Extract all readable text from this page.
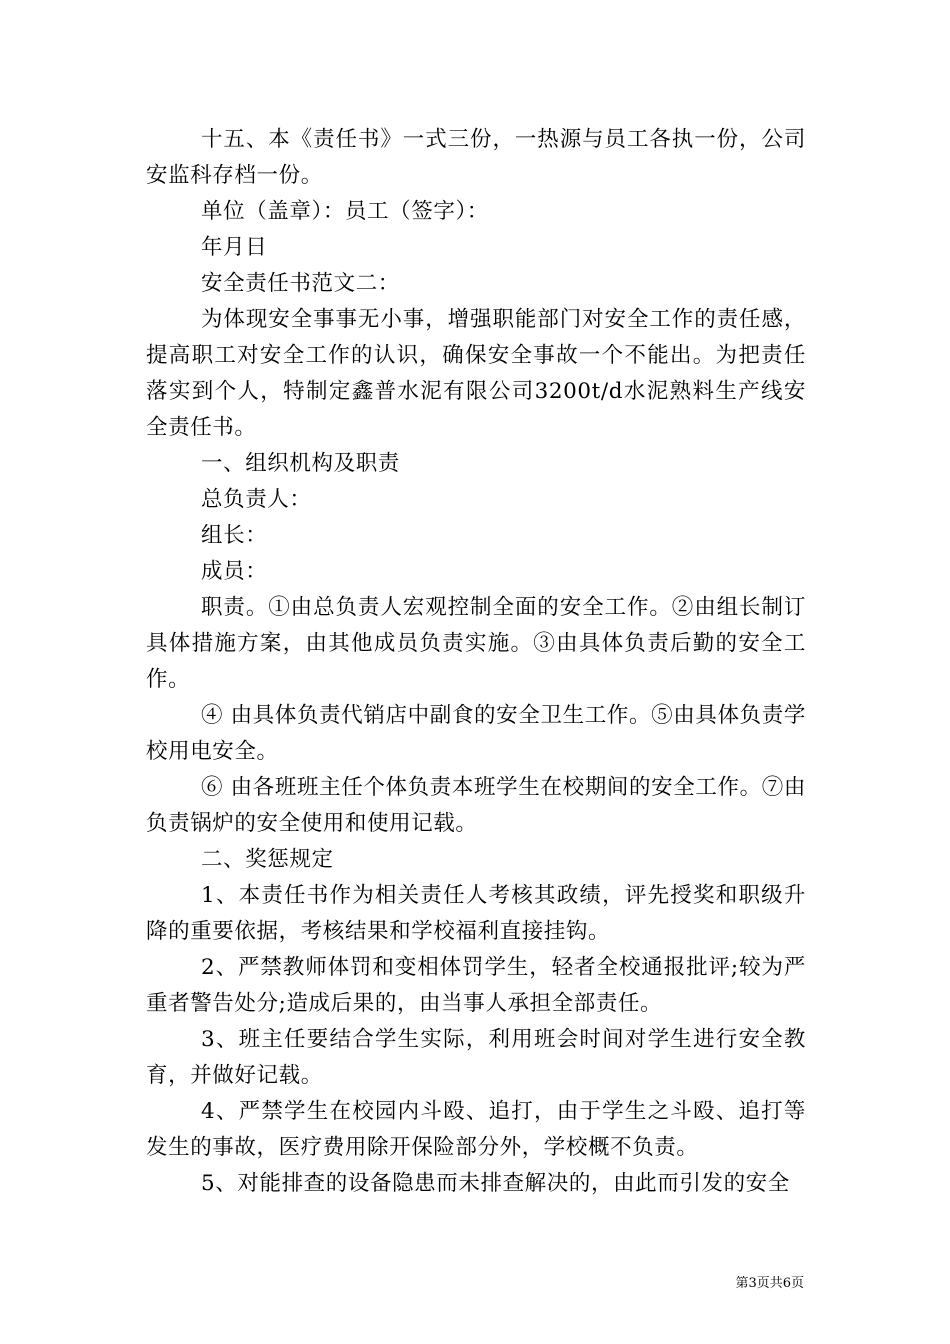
十五、本《责任书》一式三份，一热源与员工各执一份，公司安监科存档一份。

单位（盖章）：员工（签字）：

年月日

安全责任书范文二：

为体现安全事事无小事，增强职能部门对安全工作的责任感，提高职工对安全工作的认识，确保安全事故一个不能出。为把责任落实到个人，特制定鑫普水泥有限公司3200t/d水泥熟料生产线安全责任书。

一、组织机构及职责

总负责人：

组长：

成员：

职责。①由总负责人宏观控制全面的安全工作。②由组长制订具体措施方案，由其他成员负责实施。③由具体负责后勤的安全工作。

④ 由具体负责代销店中副食的安全卫生工作。⑤由具体负责学校用电安全。

⑥ 由各班班主任个体负责本班学生在校期间的安全工作。⑦由负责锅炉的安全使用和使用记载。

二、奖惩规定

1、本责任书作为相关责任人考核其政绩，评先授奖和职级升降的重要依据，考核结果和学校福利直接挂钩。

2、严禁教师体罚和变相体罚学生，轻者全校通报批评;较为严重者警告处分;造成后果的，由当事人承担全部责任。

3、班主任要结合学生实际，利用班会时间对学生进行安全教育，并做好记载。

4、严禁学生在校园内斗殴、追打，由于学生之斗殴、追打等发生的事故，医疗费用除开保险部分外，学校概不负责。

5、对能排查的设备隐患而未排查解决的，由此而引发的安全

第3页共6页
